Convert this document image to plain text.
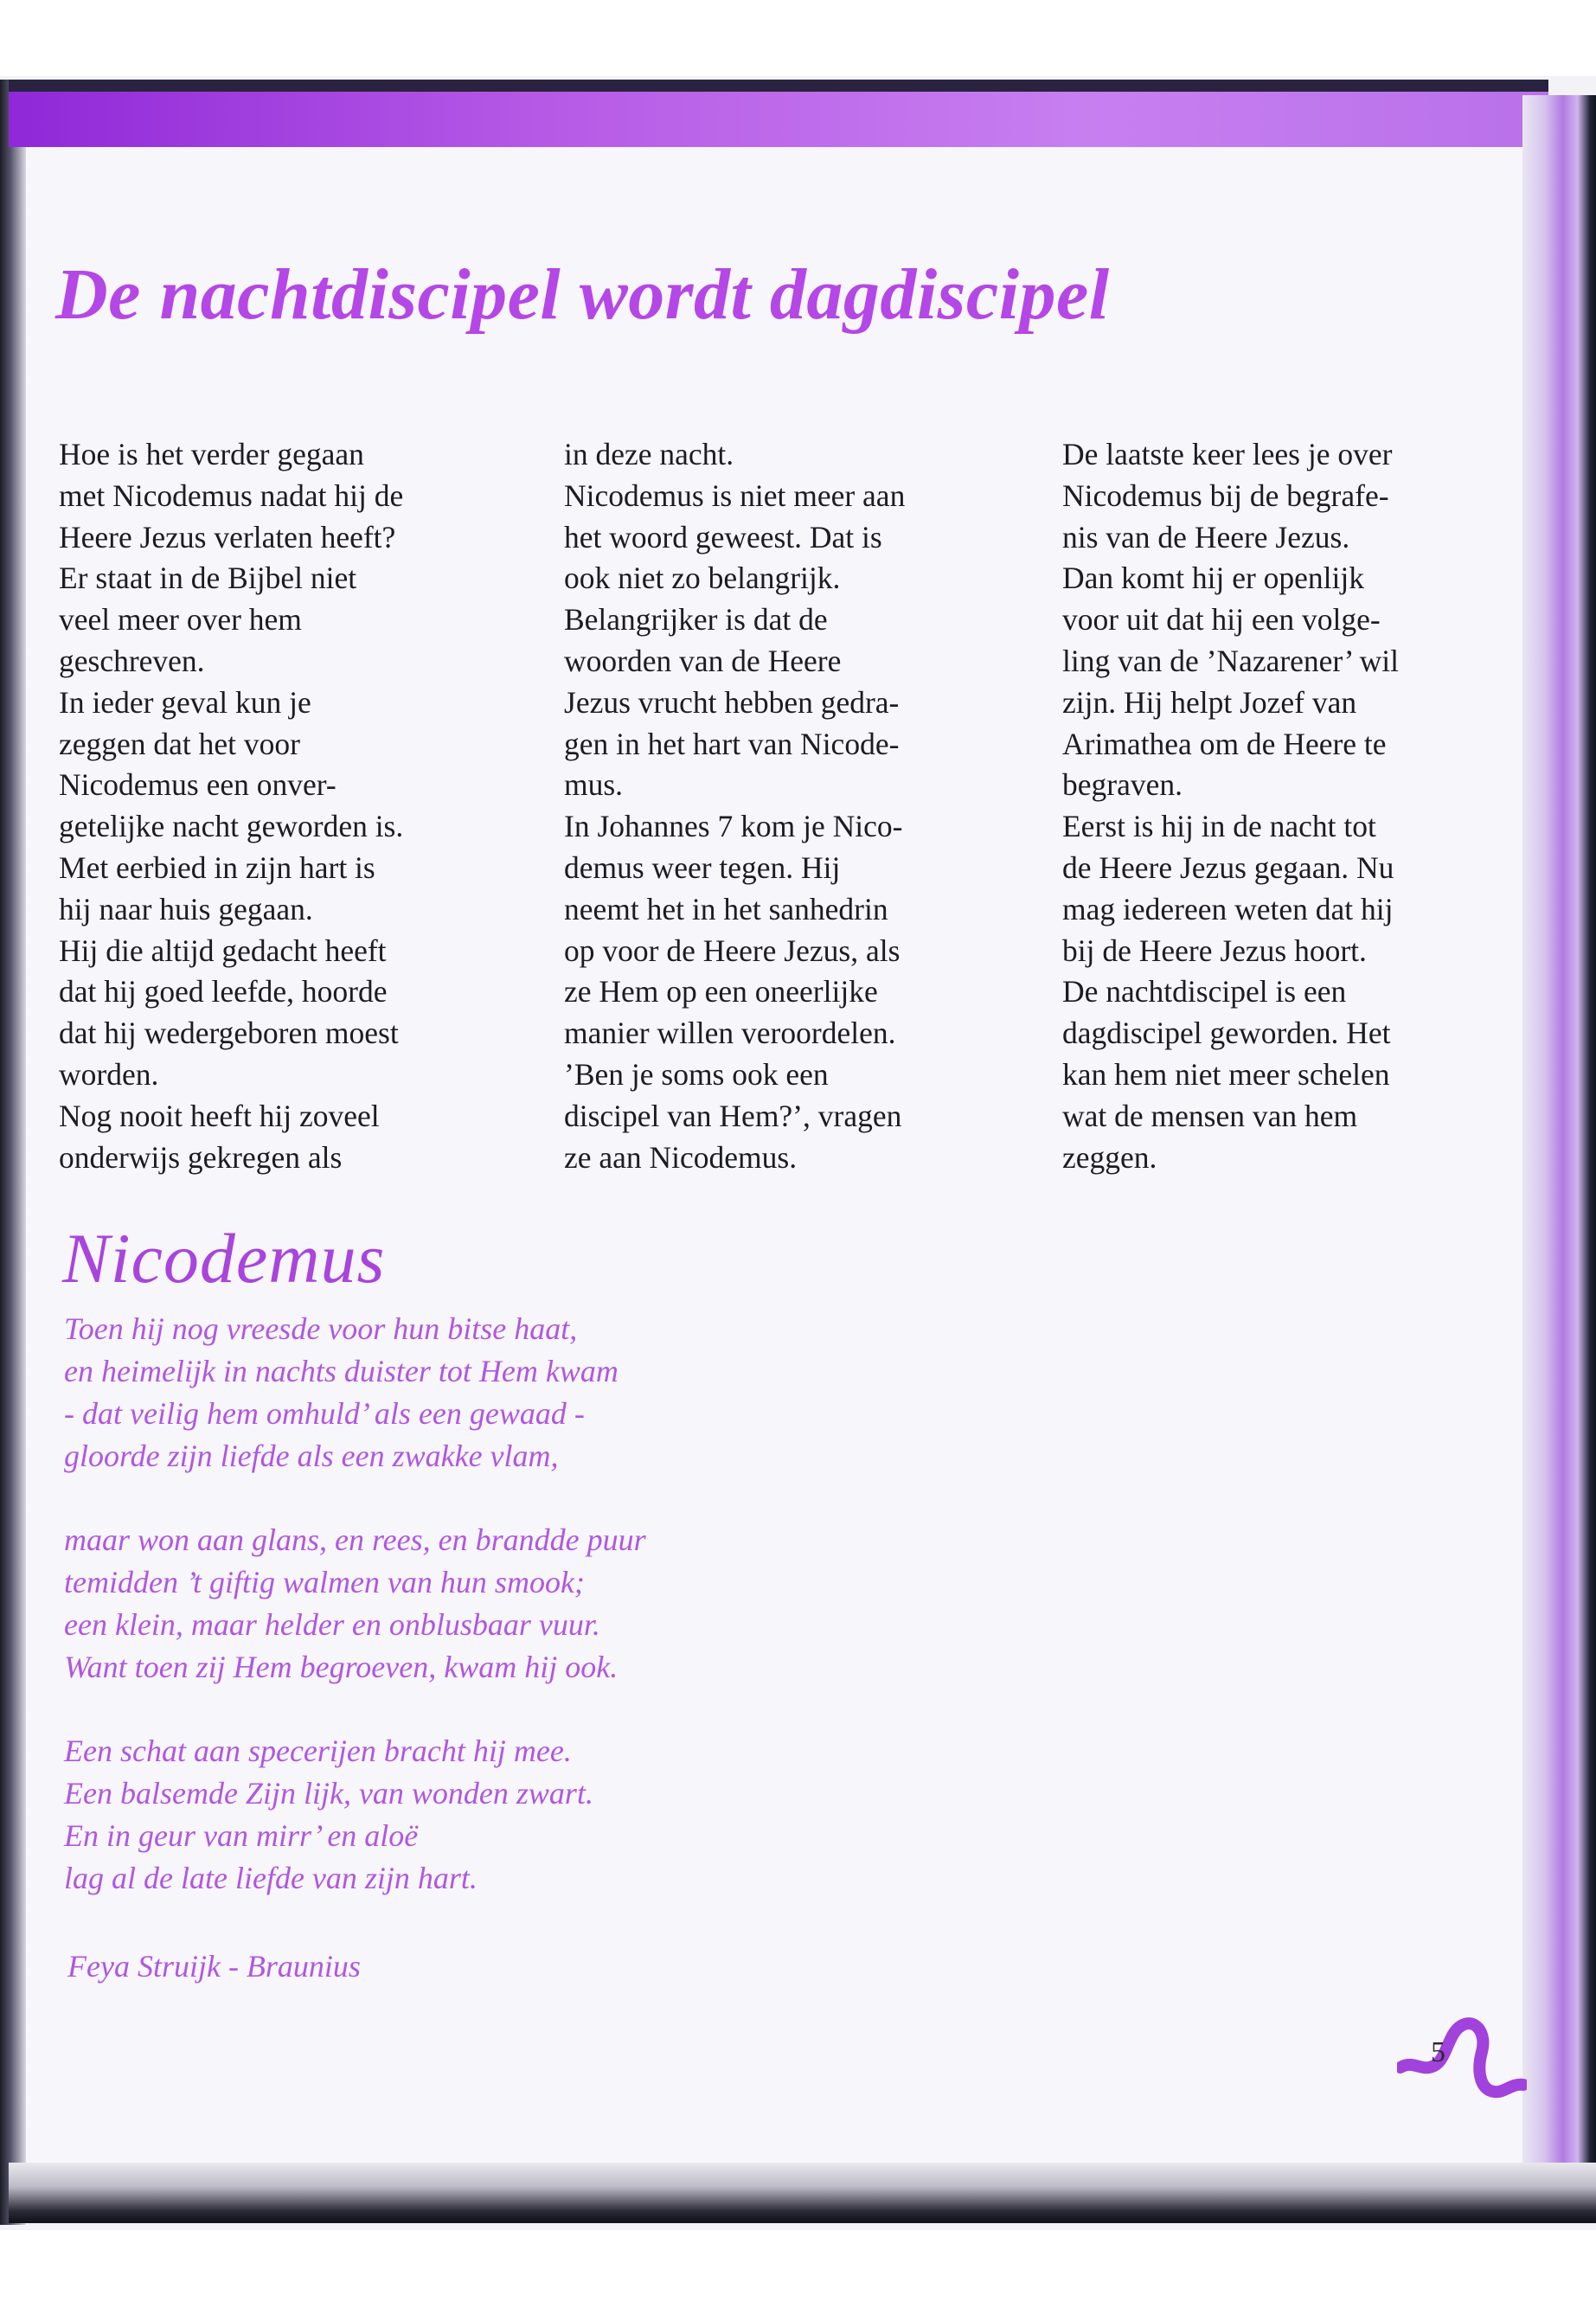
De nachtdiscipel wordt dagdiscipel

Hoe is het verder gegaan

met Nicodemus nadat hij de

Heere Jezus verlaten heeft?

Er staat in de Bijbel niet

veel meer over hem

geschreven.

In ieder geval kun je

zeggen dat het voor

Nicodemus een onver-

getelijke nacht geworden is.

Met eerbied in zijn hart is

hij naar huis gegaan.

Hij die altijd gedacht heeft

dat hij goed leefde, hoorde

dat hij wedergeboren moest

worden.

Nog nooit heeft hij zoveel

onderwijs gekregen als

in deze nacht.

Nicodemus is niet meer aan

het woord geweest. Dat is

ook niet zo belangrijk.

Belangrijker is dat de

woorden van de Heere

Jezus vrucht hebben gedra-

gen in het hart van Nicode-

mus.

In Johannes 7 kom je Nico-

demus weer tegen. Hij

neemt het in het sanhedrin

op voor de Heere Jezus, als

ze Hem op een oneerlijke

manier willen veroordelen.

’Ben je soms ook een

discipel van Hem?’, vragen

ze aan Nicodemus.

De laatste keer lees je over

Nicodemus bij de begrafe-

nis van de Heere Jezus.

Dan komt hij er openlijk

voor uit dat hij een volge-

ling van de ’Nazarener’ wil

zijn. Hij helpt Jozef van

Arimathea om de Heere te

begraven.

Eerst is hij in de nacht tot

de Heere Jezus gegaan. Nu

mag iedereen weten dat hij

bij de Heere Jezus hoort.

De nachtdiscipel is een

dagdiscipel geworden. Het

kan hem niet meer schelen

wat de mensen van hem

zeggen.

Nicodemus

Toen hij nog vreesde voor hun bitse haat,

en heimelijk in nachts duister tot Hem kwam

- dat veilig hem omhuld’ als een gewaad -

gloorde zijn liefde als een zwakke vlam,

maar won aan glans, en rees, en brandde puur

temidden ’t giftig walmen van hun smook;

een klein, maar helder en onblusbaar vuur.

Want toen zij Hem begroeven, kwam hij ook.

Een schat aan specerijen bracht hij mee.

Een balsemde Zijn lijk, van wonden zwart.

En in geur van mirr’ en aloë

lag al de late liefde van zijn hart.

Feya Struijk - Braunius

5
